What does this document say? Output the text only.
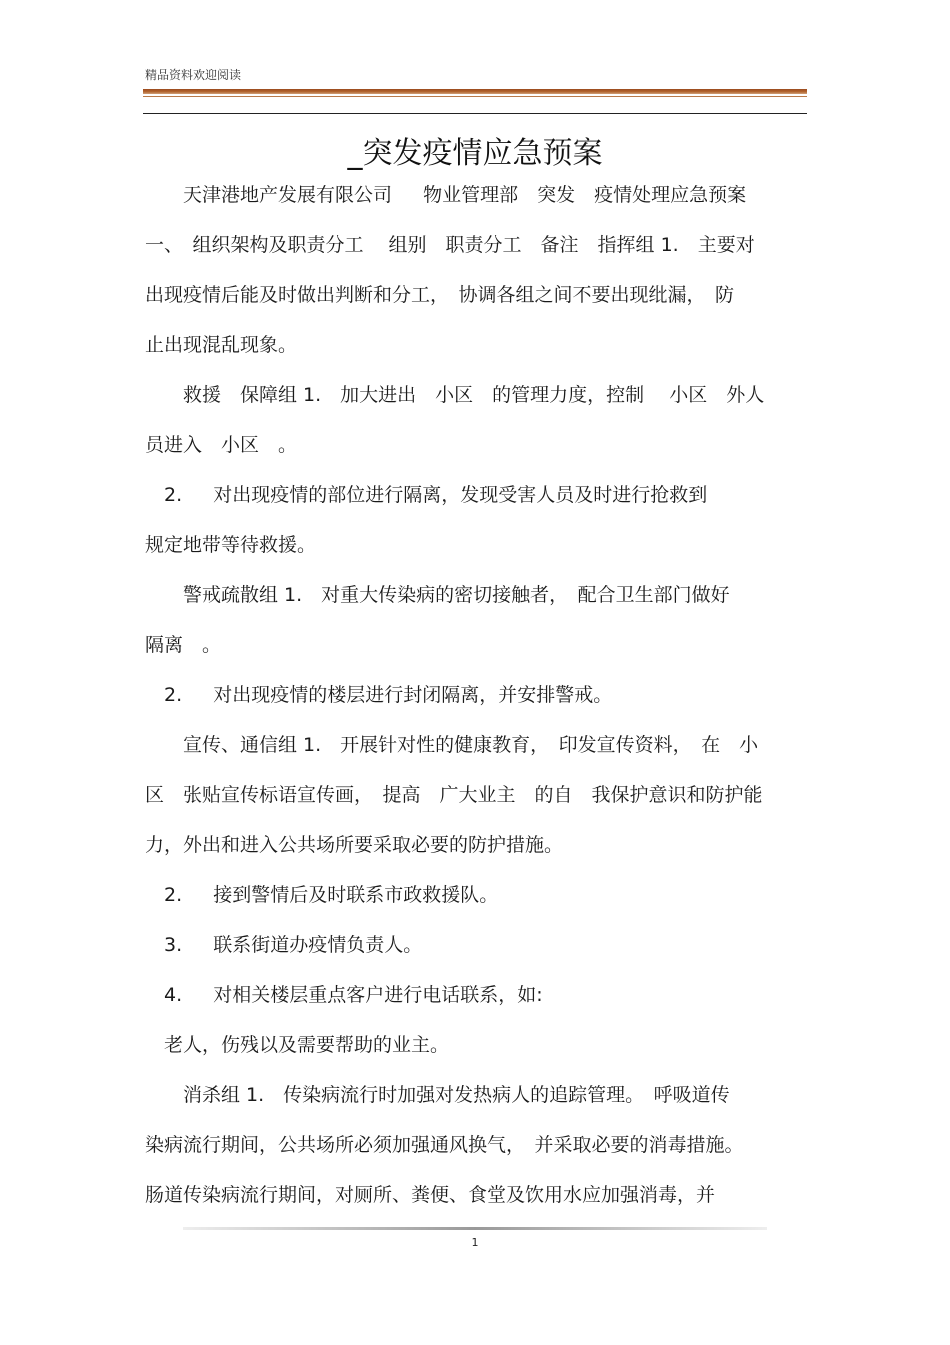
精品资料欢迎阅读
_突发疫情应急预案
　　天津港地产发展有限公司　  物业管理部　突发　疫情处理应急预案
一、　组织架构及职责分工　 组别　职责分工　备注　指挥组 1.　主要对
出现疫情后能及时做出判断和分工，　协调各组之间不要出现纰漏，　防
止出现混乱现象。
　　救援　保障组 1.　加大进出　小区　的管理力度，控制　 小区　外人
员进入　小区　。
　2.　  对出现疫情的部位进行隔离，发现受害人员及时进行抢救到
规定地带等待救援。
　　警戒疏散组 1.　对重大传染病的密切接触者，　配合卫生部门做好
隔离　。
　2.　  对出现疫情的楼层进行封闭隔离，并安排警戒。
　　宣传、通信组 1.　开展针对性的健康教育，　印发宣传资料，　在　小
区　张贴宣传标语宣传画，　提高　广大业主　的自　我保护意识和防护能
力，外出和进入公共场所要采取必要的防护措施。
　2.　  接到警情后及时联系市政救援队。
　3.　  联系街道办疫情负责人。
　4.　  对相关楼层重点客户进行电话联系，如:
　老人，伤残以及需要帮助的业主。
　　消杀组 1.　传染病流行时加强对发热病人的追踪管理。　呼吸道传
染病流行期间，公共场所必须加强通风换气，　并采取必要的消毒措施。
肠道传染病流行期间，对厕所、粪便、食堂及饮用水应加强消毒，并
1
